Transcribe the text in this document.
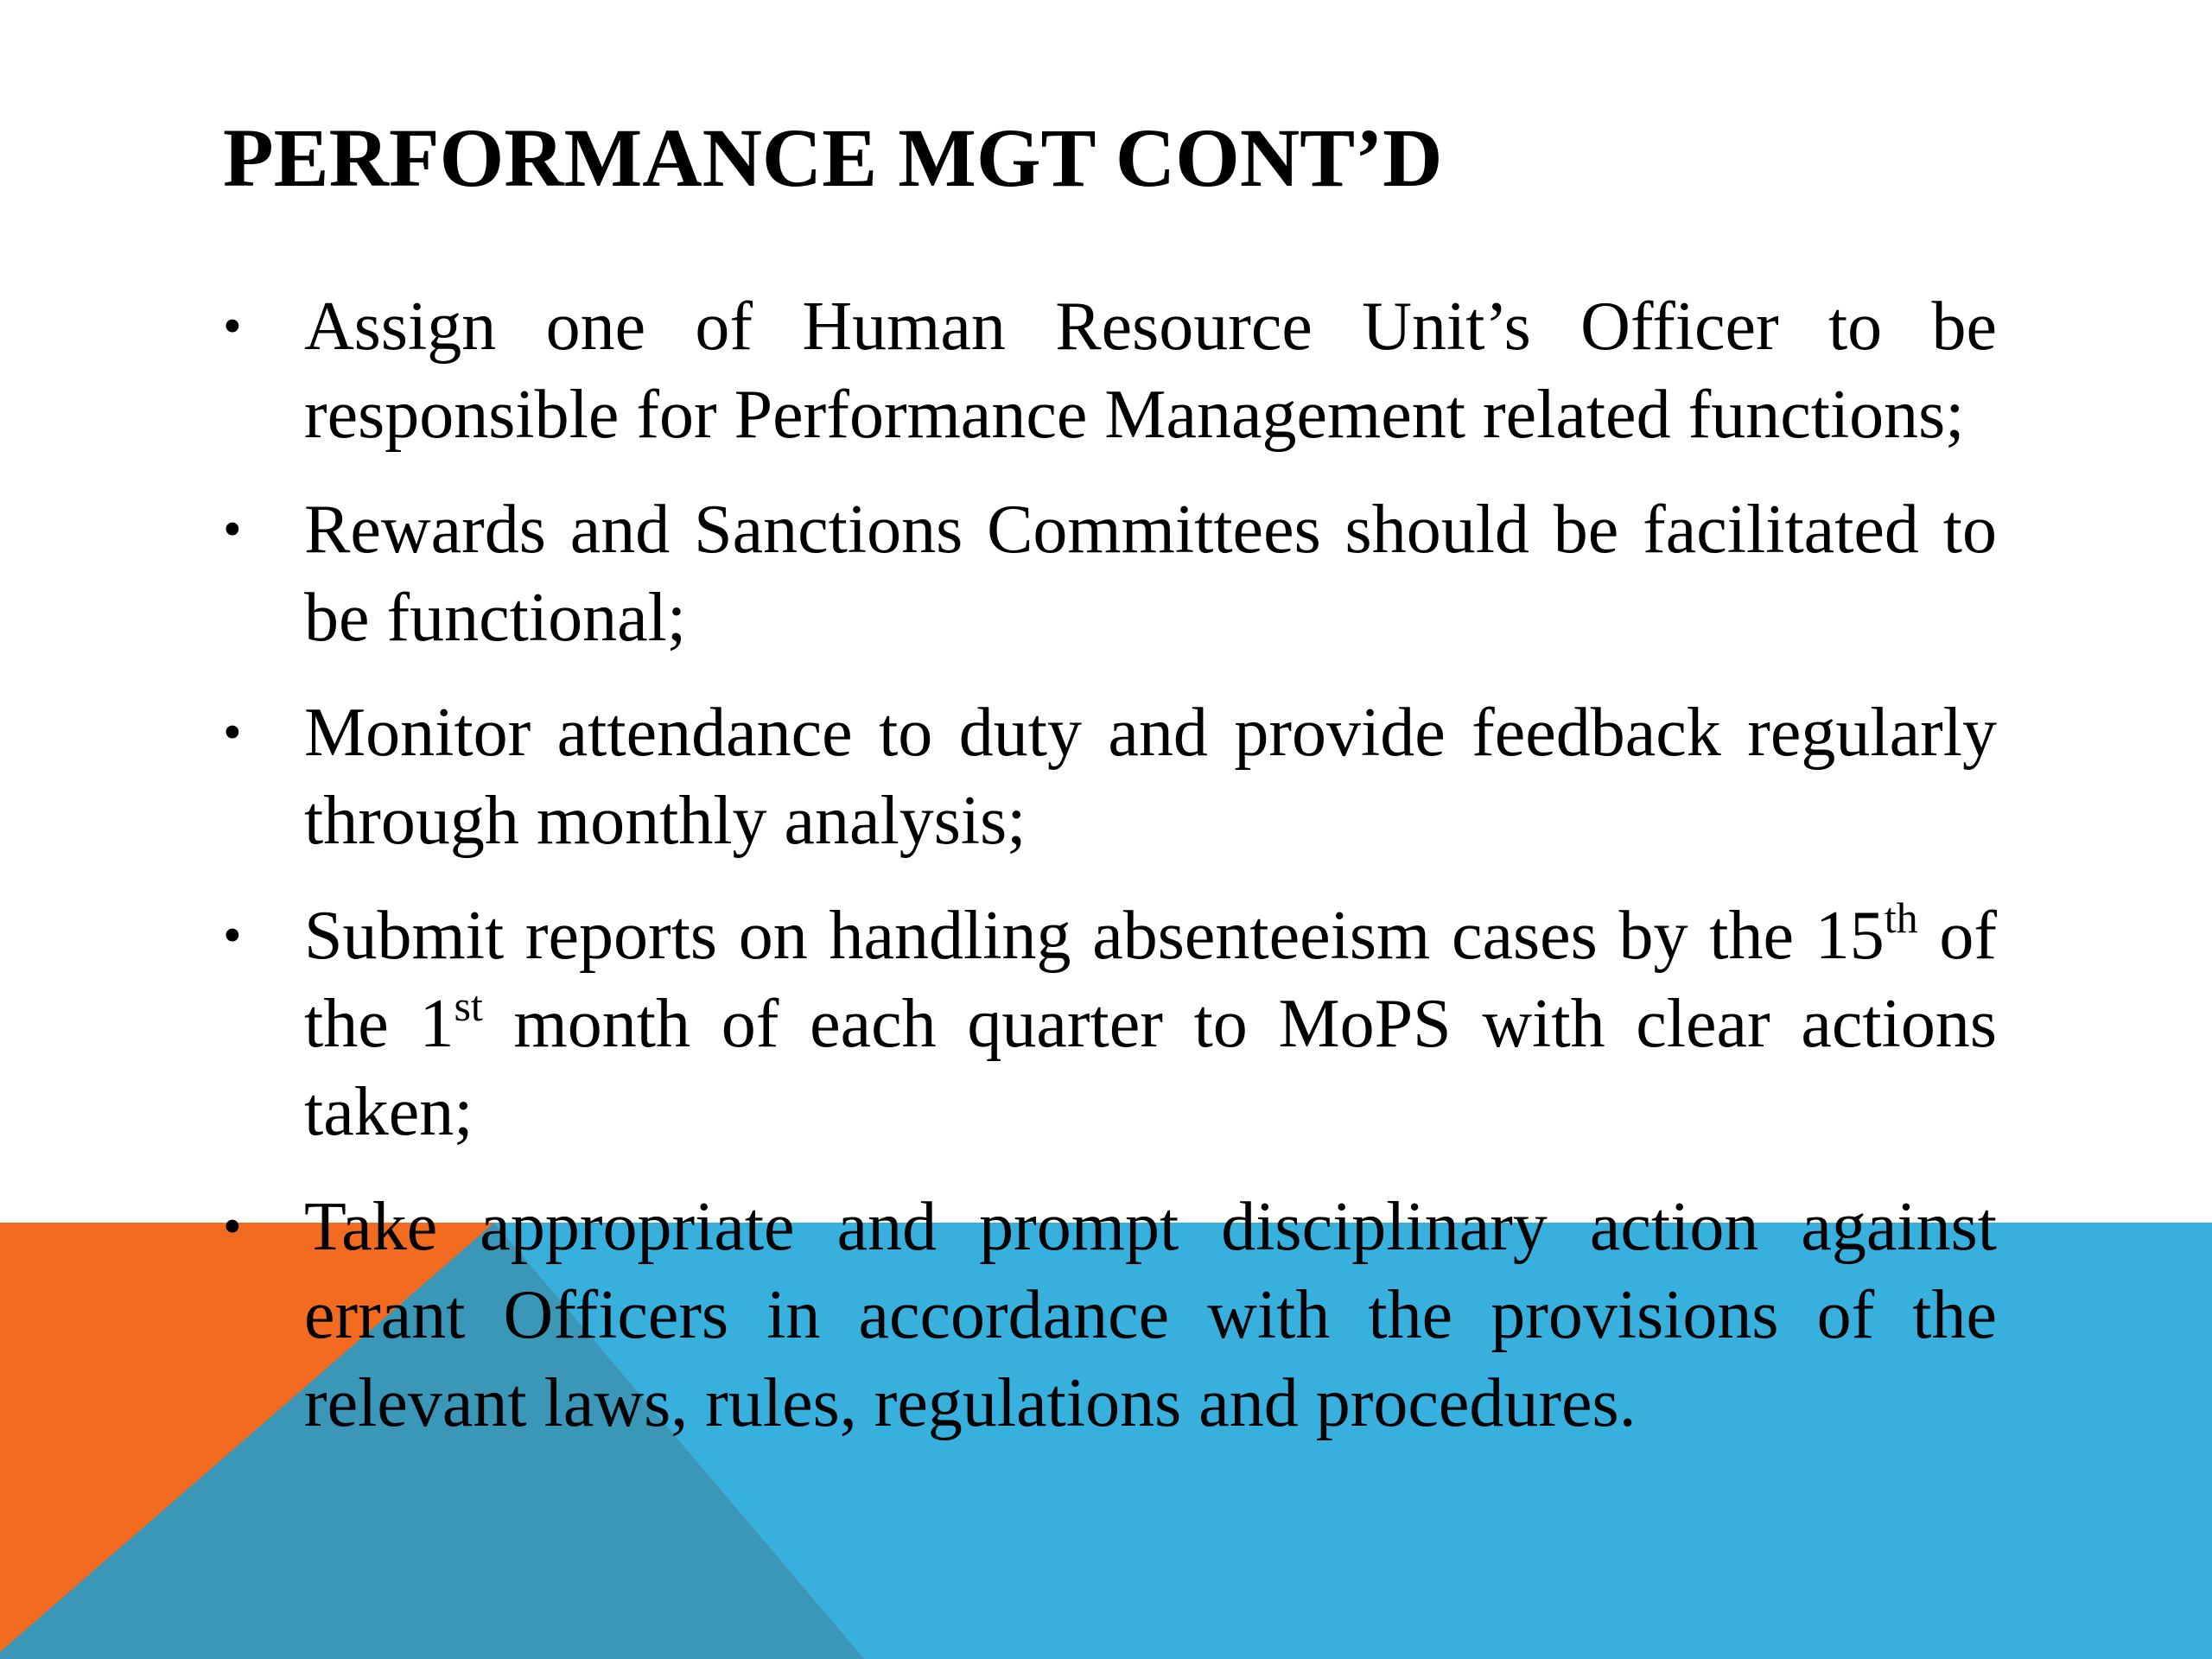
PERFORMANCE MGT CONT’D
• Assign one of Human Resource Unit’s Officer to be responsible for Performance Management related functions;
• Rewards and Sanctions Committees should be facilitated to be functional;
• Monitor attendance to duty and provide feedback regularly through monthly analysis;
• Submit reports on handling absenteeism cases by the 15th of the 1st month of each quarter to MoPS with clear actions taken;
• Take appropriate and prompt disciplinary action against errant Officers in accordance with the provisions of the relevant laws, rules, regulations and procedures.
